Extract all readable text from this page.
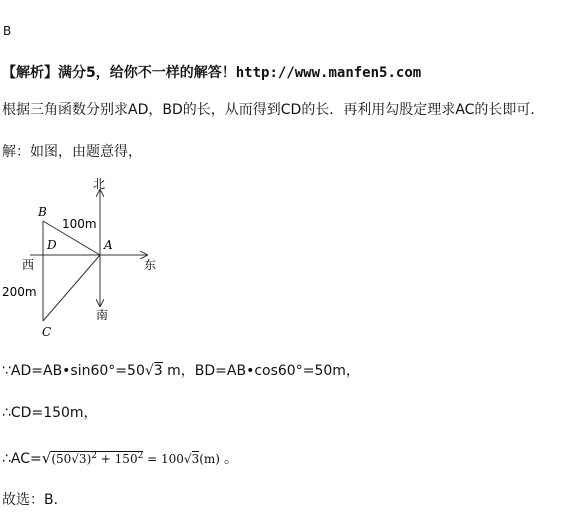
B
【解析】满分5，给你不一样的解答！http://www.manfen5.com
根据三角函数分别求AD，BD的长，从而得到CD的长．再利用勾股定理求AC的长即可．
解：如图，由题意得，
北
南
西	东
B
D	A
C
100m
200m
∵AD=AB•sin60°=50√3 m，BD=AB•cos60°=50m，
∴CD=150m，
$\therefore AC=√(50√3)^2 + 150^2 = 100√3(m)$ 。
故选：B．
